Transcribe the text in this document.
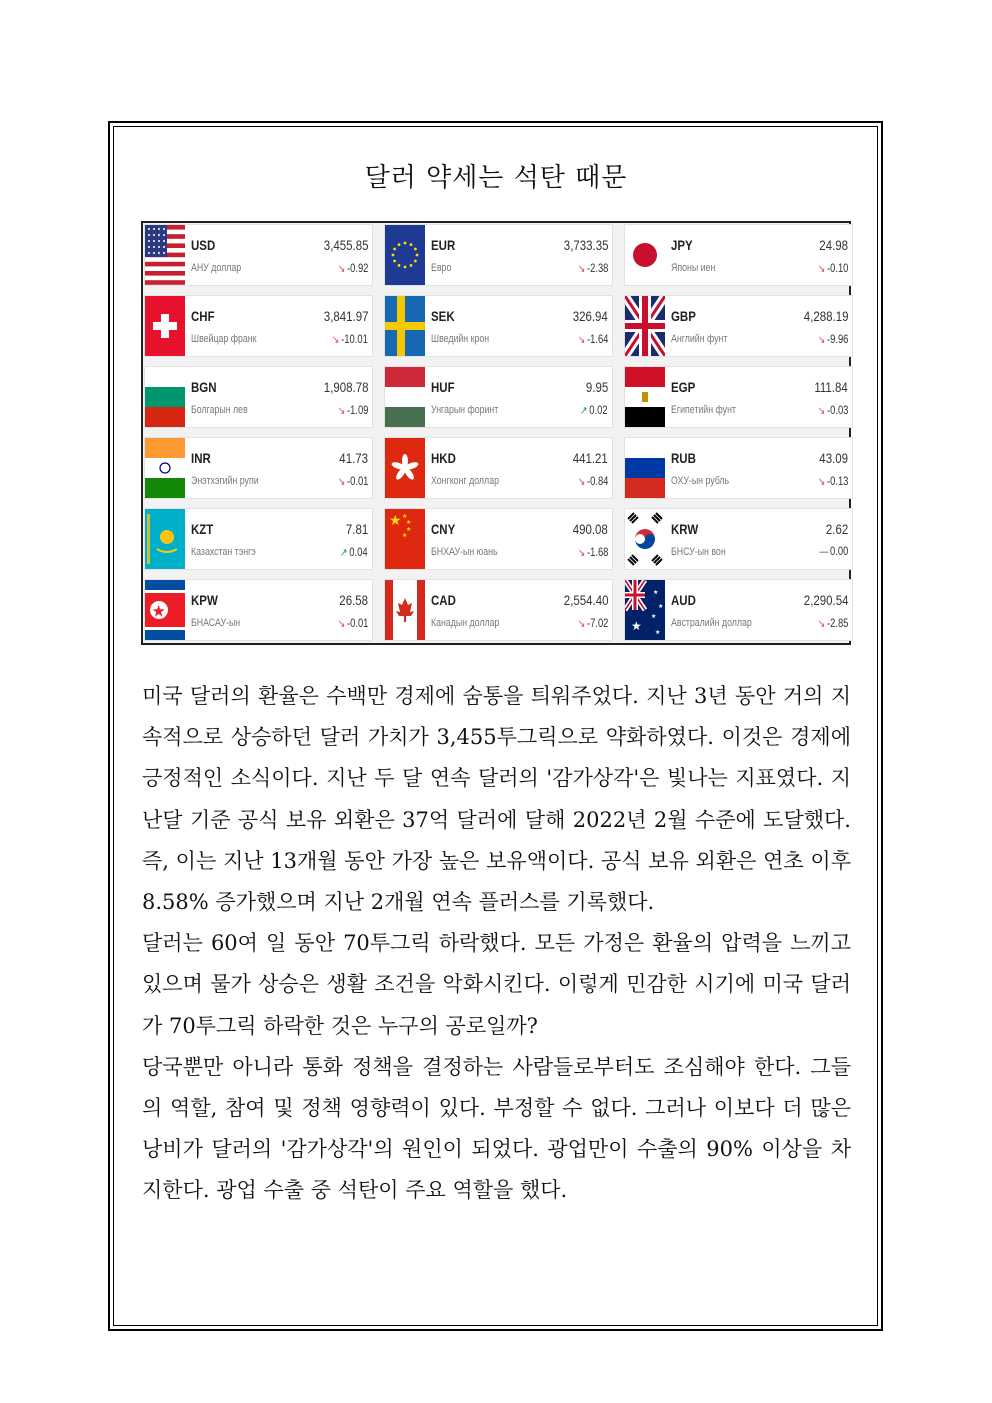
달러 약세는 석탄 때문
USD
АНУ доллар
3,455.85
↘ -0.92
EUR
Евро
3,733.35
↘ -2.38
JPY
Японы иен
24.98
↘ -0.10
CHF
Швейцар франк
3,841.97
↘ -10.01
SEK
Шведийн крон
326.94
↘ -1.64
GBP
Английн фунт
4,288.19
↘ -9.96
BGN
Болгарын лев
1,908.78
↘ -1.09
HUF
Унгарын форинт
9.95
↗ 0.02
EGP
Египетийн фунт
111.84
↘ -0.03
INR
Энэтхэгийн рупи
41.73
↘ -0.01
HKD
Хонгконг доллар
441.21
↘ -0.84
RUB
ОХУ-ын рубль
43.09
↘ -0.13
KZT
Казахстан тэнгэ
7.81
↗ 0.04
★ ★
★
★
★ CNY
БНХАУ-ын юань
490.08
↘ -1.68
KRW
БНСУ-ын вон
2.62
— 0.00
★
KPW
БНАСАУ-ын
26.58
↘ -0.01
CAD
Канадын доллар
2,554.40
↘ -7.02 ★
★
★
★
★
AUD
Австралийн доллар
2,290.54
↘ -2.85

미국 달러의 환율은 수백만 경제에 숨통을 틔워주었다. 지난 3년 동안 거의 지속적으로 상승하던 달러 가치가 3,455투그릭으로 약화하였다. 이것은 경제에 긍정적인 소식이다. 지난 두 달 연속 달러의 '감가상각'은 빛나는 지표였다. 지난달 기준 공식 보유 외환은 37억 달러에 달해 2022년 2월 수준에 도달했다. 즉, 이는 지난 13개월 동안 가장 높은 보유액이다. 공식 보유 외환은 연초 이후 8.58% 증가했으며 지난 2개월 연속 플러스를 기록했다.

달러는 60여 일 동안 70투그릭 하락했다. 모든 가정은 환율의 압력을 느끼고 있으며 물가 상승은 생활 조건을 악화시킨다. 이렇게 민감한 시기에 미국 달러가 70투그릭 하락한 것은 누구의 공로일까?

당국뿐만 아니라 통화 정책을 결정하는 사람들로부터도 조심해야 한다. 그들의 역할, 참여 및 정책 영향력이 있다. 부정할 수 없다. 그러나 이보다 더 많은 낭비가 달러의 '감가상각'의 원인이 되었다. 광업만이 수출의 90% 이상을 차지한다. 광업 수출 중 석탄이 주요 역할을 했다.
